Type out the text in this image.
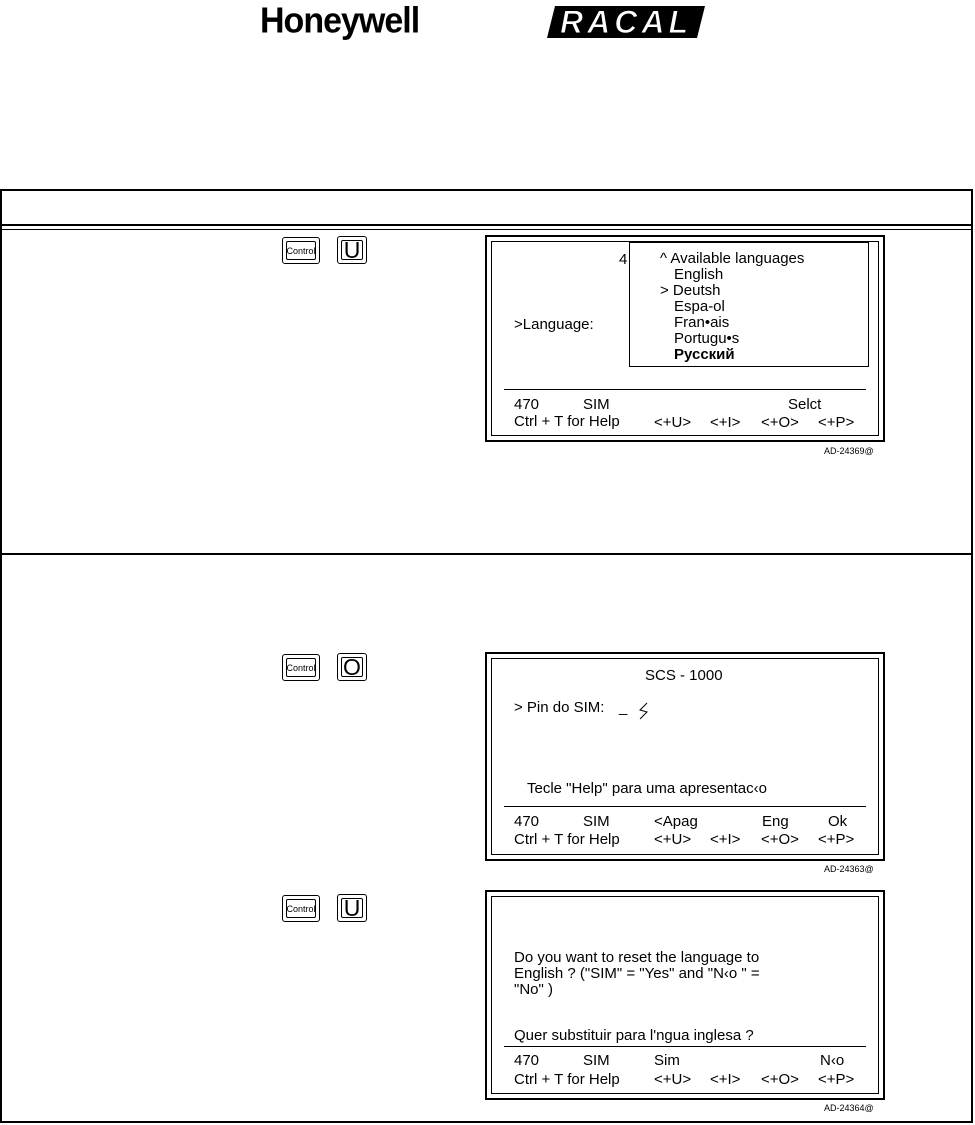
Honeywell	RACAL
Control U	4
>Language:
^ Available languages
English
> Deutsh
Espa-ol
Fran•ais
Portugu•s
Русский
470	SIM	Selct
Ctrl + T for Help <+U> <+I> <+O> <+P>
AD-24369@
Control O	SCS - 1000
> Pin do SIM: _
Tecle "Help" para uma apresentac‹o
470	SIM	<Apag	Eng	Ok
Ctrl + T for Help <+U> <+I> <+O> <+P>
AD-24363@
Control U
Do you want to reset the language to
English ? ("SIM" = "Yes" and "N‹o " =
"No" )
Quer substituir para l'ngua inglesa ?
470	SIM	Sim	N‹o
Ctrl + T for Help <+U> <+I> <+O> <+P>
AD-24364@
